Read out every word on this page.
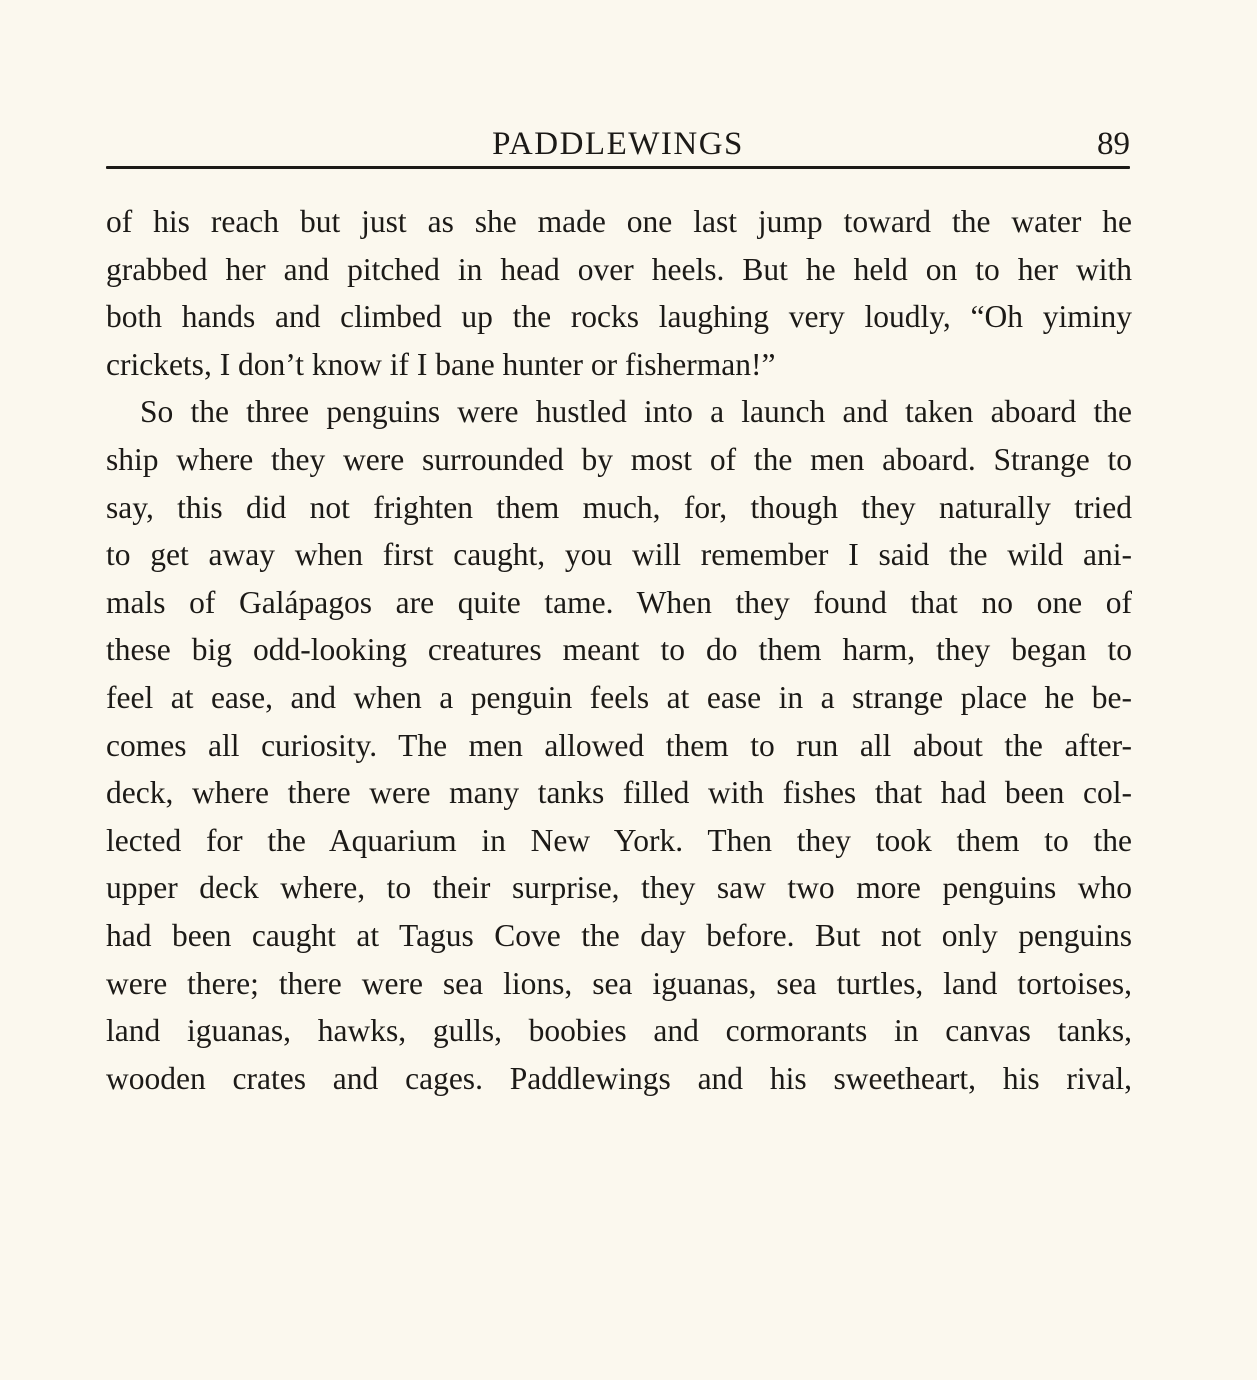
PADDLEWINGS	89
of his reach but just as she made one last jump toward the water he
grabbed her and pitched in head over heels. But he held on to her with
both hands and climbed up the rocks laughing very loudly, “Oh yiminy
crickets, I don’t know if I bane hunter or fisherman!”
So the three penguins were hustled into a launch and taken aboard the
ship where they were surrounded by most of the men aboard. Strange to
say, this did not frighten them much, for, though they naturally tried
to get away when first caught, you will remember I said the wild ani-
mals of Galápagos are quite tame. When they found that no one of
these big odd-looking creatures meant to do them harm, they began to
feel at ease, and when a penguin feels at ease in a strange place he be-
comes all curiosity. The men allowed them to run all about the after-
deck, where there were many tanks filled with fishes that had been col-
lected for the Aquarium in New York. Then they took them to the
upper deck where, to their surprise, they saw two more penguins who
had been caught at Tagus Cove the day before. But not only penguins
were there; there were sea lions, sea iguanas, sea turtles, land tortoises,
land iguanas, hawks, gulls, boobies and cormorants in canvas tanks,
wooden crates and cages. Paddlewings and his sweetheart, his rival,
